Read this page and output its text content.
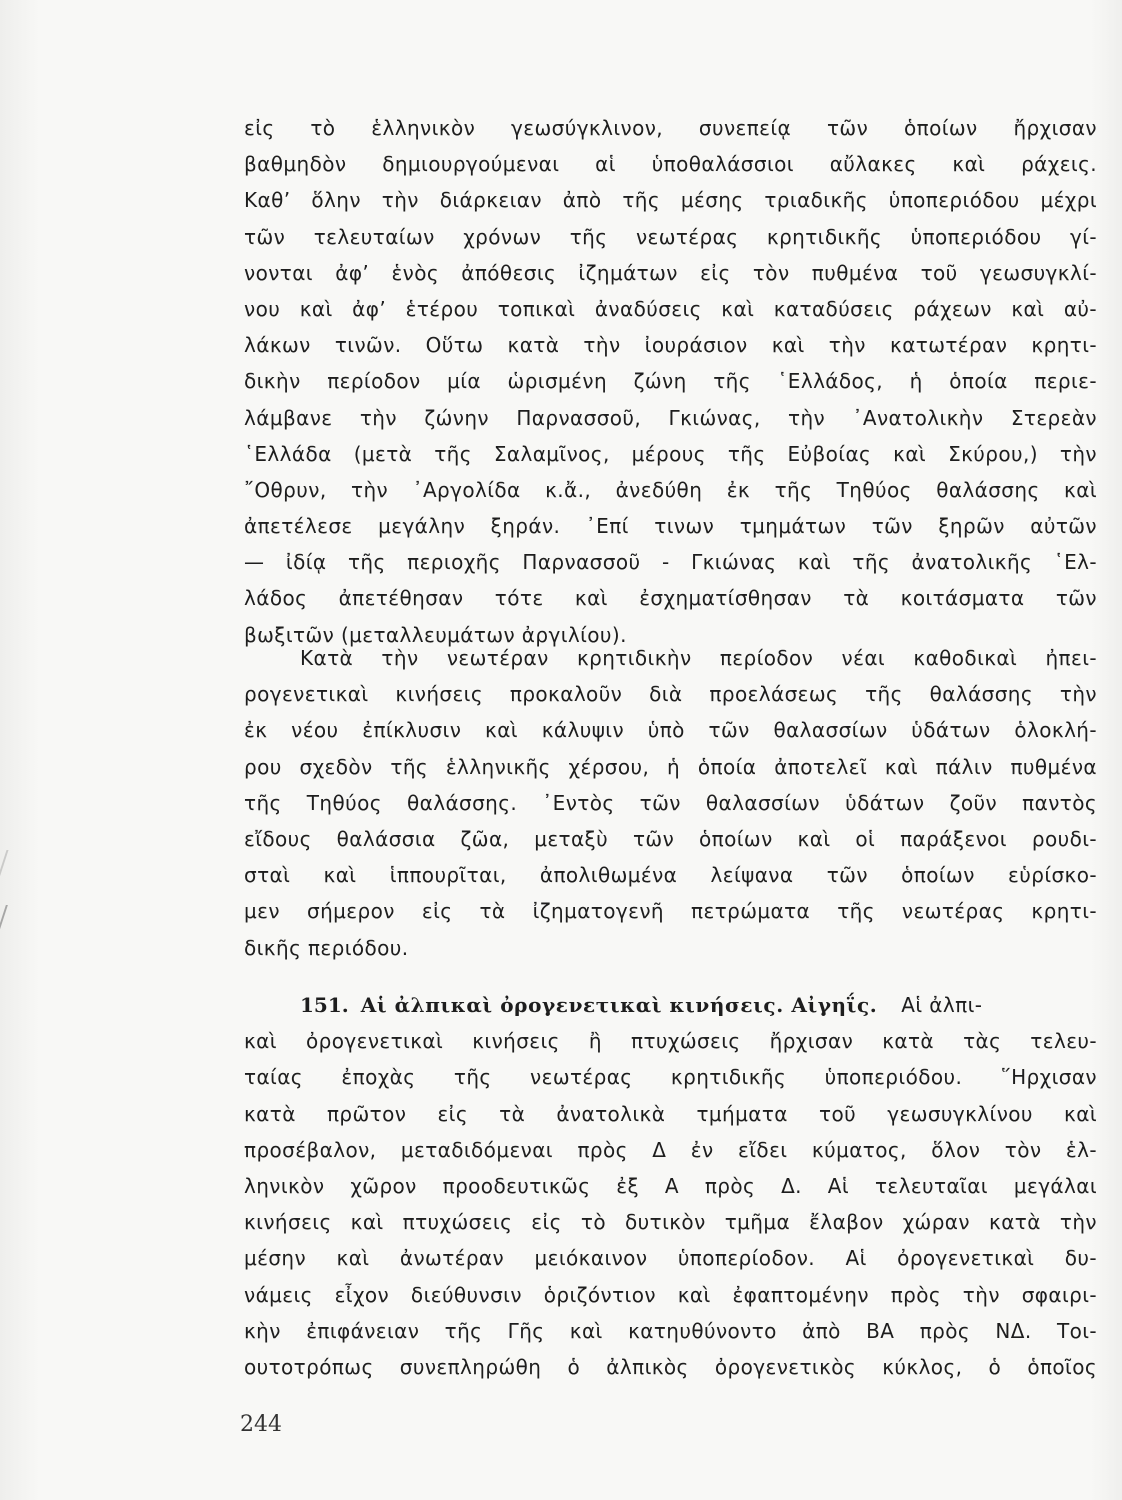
εἰς τὸ ἑλληνικὸν γεωσύγκλινον, συνεπείᾳ τῶν ὁποίων ἤρχισαν
βαθμηδὸν δημιουργούμεναι αἱ ὑποθαλάσσιοι αὔλακες καὶ ράχεις.
Καθ’ ὅλην τὴν διάρκειαν ἀπὸ τῆς μέσης τριαδικῆς ὑποπεριόδου μέχρι
τῶν τελευταίων χρόνων τῆς νεωτέρας κρητιδικῆς ὑποπεριόδου γί-
νονται ἀφ’ ἑνὸς ἀπόθεσις ἰζημάτων εἰς τὸν πυθμένα τοῦ γεωσυγκλί-
νου καὶ ἀφ’ ἑτέρου τοπικαὶ ἀναδύσεις καὶ καταδύσεις ράχεων καὶ αὐ-
λάκων τινῶν. Οὕτω κατὰ τὴν ἰουράσιον καὶ τὴν κατωτέραν κρητι-
δικὴν περίοδον μία ὡρισμένη ζώνη τῆς ῾Ελλάδος, ἡ ὁποία περιε-
λάμβανε τὴν ζώνην Παρνασσοῦ, Γκιώνας, τὴν ᾿Ανατολικὴν Στερεὰν
῾Ελλάδα (μετὰ τῆς Σαλαμῖνος, μέρους τῆς Εὐβοίας καὶ Σκύρου,) τὴν
῎Οθρυν, τὴν ᾿Αργολίδα κ.ἄ., ἀνεδύθη ἐκ τῆς Τηθύος θαλάσσης καὶ
ἀπετέλεσε μεγάλην ξηράν. ᾿Επί τινων τμημάτων τῶν ξηρῶν αὐτῶν
— ἰδίᾳ τῆς περιοχῆς Παρνασσοῦ - Γκιώνας καὶ τῆς ἀνατολικῆς ῾Ελ-
λάδος ἀπετέθησαν τότε καὶ ἐσχηματίσθησαν τὰ κοιτάσματα τῶν
βωξιτῶν (μεταλλευμάτων ἀργιλίου).
Κατὰ τὴν νεωτέραν κρητιδικὴν περίοδον νέαι καθοδικαὶ ἠπει-
ρογενετικαὶ κινήσεις προκαλοῦν διὰ προελάσεως τῆς θαλάσσης τὴν
ἐκ νέου ἐπίκλυσιν καὶ κάλυψιν ὑπὸ τῶν θαλασσίων ὑδάτων ὁλοκλή-
ρου σχεδὸν τῆς ἑλληνικῆς χέρσου, ἡ ὁποία ἀποτελεῖ καὶ πάλιν πυθμένα
τῆς Τηθύος θαλάσσης. ᾿Εντὸς τῶν θαλασσίων ὑδάτων ζοῦν παντὸς
εἴδους θαλάσσια ζῶα, μεταξὺ τῶν ὁποίων καὶ οἱ παράξενοι ρουδι-
σταὶ καὶ ἱππουρῖται, ἀπολιθωμένα λείψανα τῶν ὁποίων εὑρίσκο-
μεν σήμερον εἰς τὰ ἰζηματογενῆ πετρώματα τῆς νεωτέρας κρητι-
δικῆς περιόδου.
151. Αἱ ἀλπικαὶ ὀρογενετικαὶ κινήσεις. Αἰγηΐς. Αἱ ἀλπι-
καὶ ὀρογενετικαὶ κινήσεις ἢ πτυχώσεις ἤρχισαν κατὰ τὰς τελευ-
ταίας ἐποχὰς τῆς νεωτέρας κρητιδικῆς ὑποπεριόδου. ῞Ηρχισαν
κατὰ πρῶτον εἰς τὰ ἀνατολικὰ τμήματα τοῦ γεωσυγκλίνου καὶ
προσέβαλον, μεταδιδόμεναι πρὸς Δ ἐν εἴδει κύματος, ὅλον τὸν ἑλ-
ληνικὸν χῶρον προοδευτικῶς ἐξ Α πρὸς Δ. Αἱ τελευταῖαι μεγάλαι
κινήσεις καὶ πτυχώσεις εἰς τὸ δυτικὸν τμῆμα ἔλαβον χώραν κατὰ τὴν
μέσην καὶ ἀνωτέραν μειόκαινον ὑποπερίοδον. Αἱ ὀρογενετικαὶ δυ-
νάμεις εἶχον διεύθυνσιν ὁριζόντιον καὶ ἐφαπτομένην πρὸς τὴν σφαιρι-
κὴν ἐπιφάνειαν τῆς Γῆς καὶ κατηυθύνοντο ἀπὸ ΒΑ πρὸς ΝΔ. Τοι-
ουτοτρόπως συνεπληρώθη ὁ ἀλπικὸς ὀρογενετικὸς κύκλος, ὁ ὁποῖος
244
